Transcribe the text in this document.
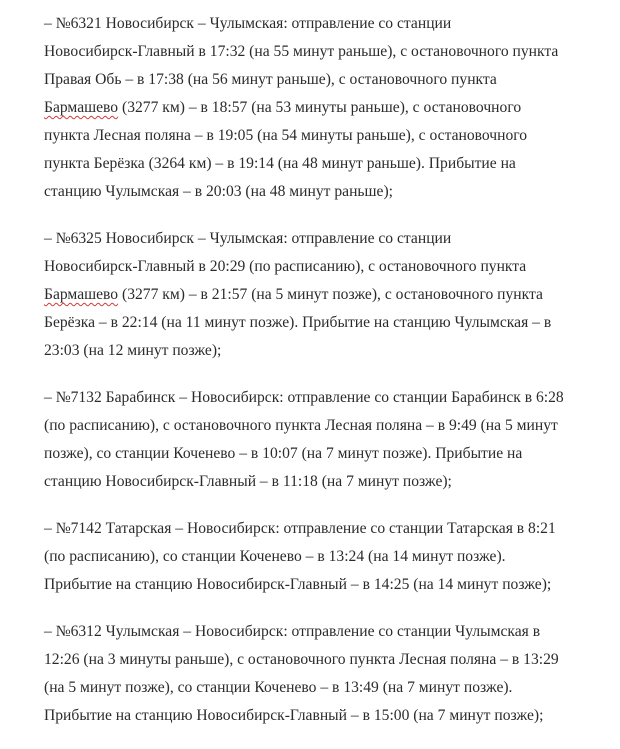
– №6321 Новосибирск – Чулымская: отправление со станции
Новосибирск-Главный в 17:32 (на 55 минут раньше), с остановочного пункта
Правая Обь – в 17:38 (на 56 минут раньше), с остановочного пункта
Бармашево (3277 км) – в 18:57 (на 53 минуты раньше), с остановочного
пункта Лесная поляна – в 19:05 (на 54 минуты раньше), с остановочного
пункта Берёзка (3264 км) – в 19:14 (на 48 минут раньше). Прибытие на
станцию Чулымская – в 20:03 (на 48 минут раньше);

– №6325 Новосибирск – Чулымская: отправление со станции
Новосибирск-Главный в 20:29 (по расписанию), с остановочного пункта
Бармашево (3277 км) – в 21:57 (на 5 минут позже), с остановочного пункта
Берёзка – в 22:14 (на 11 минут позже). Прибытие на станцию Чулымская – в
23:03 (на 12 минут позже);

– №7132 Барабинск – Новосибирск: отправление со станции Барабинск в 6:28
(по расписанию), с остановочного пункта Лесная поляна – в 9:49 (на 5 минут
позже), со станции Коченево – в 10:07 (на 7 минут позже). Прибытие на
станцию Новосибирск-Главный – в 11:18 (на 7 минут позже);

– №7142 Татарская – Новосибирск: отправление со станции Татарская в 8:21
(по расписанию), со станции Коченево – в 13:24 (на 14 минут позже).
Прибытие на станцию Новосибирск-Главный – в 14:25 (на 14 минут позже);

– №6312 Чулымская – Новосибирск: отправление со станции Чулымская в
12:26 (на 3 минуты раньше), с остановочного пункта Лесная поляна – в 13:29
(на 5 минут позже), со станции Коченево – в 13:49 (на 7 минут позже).
Прибытие на станцию Новосибирск-Главный – в 15:00 (на 7 минут позже);
